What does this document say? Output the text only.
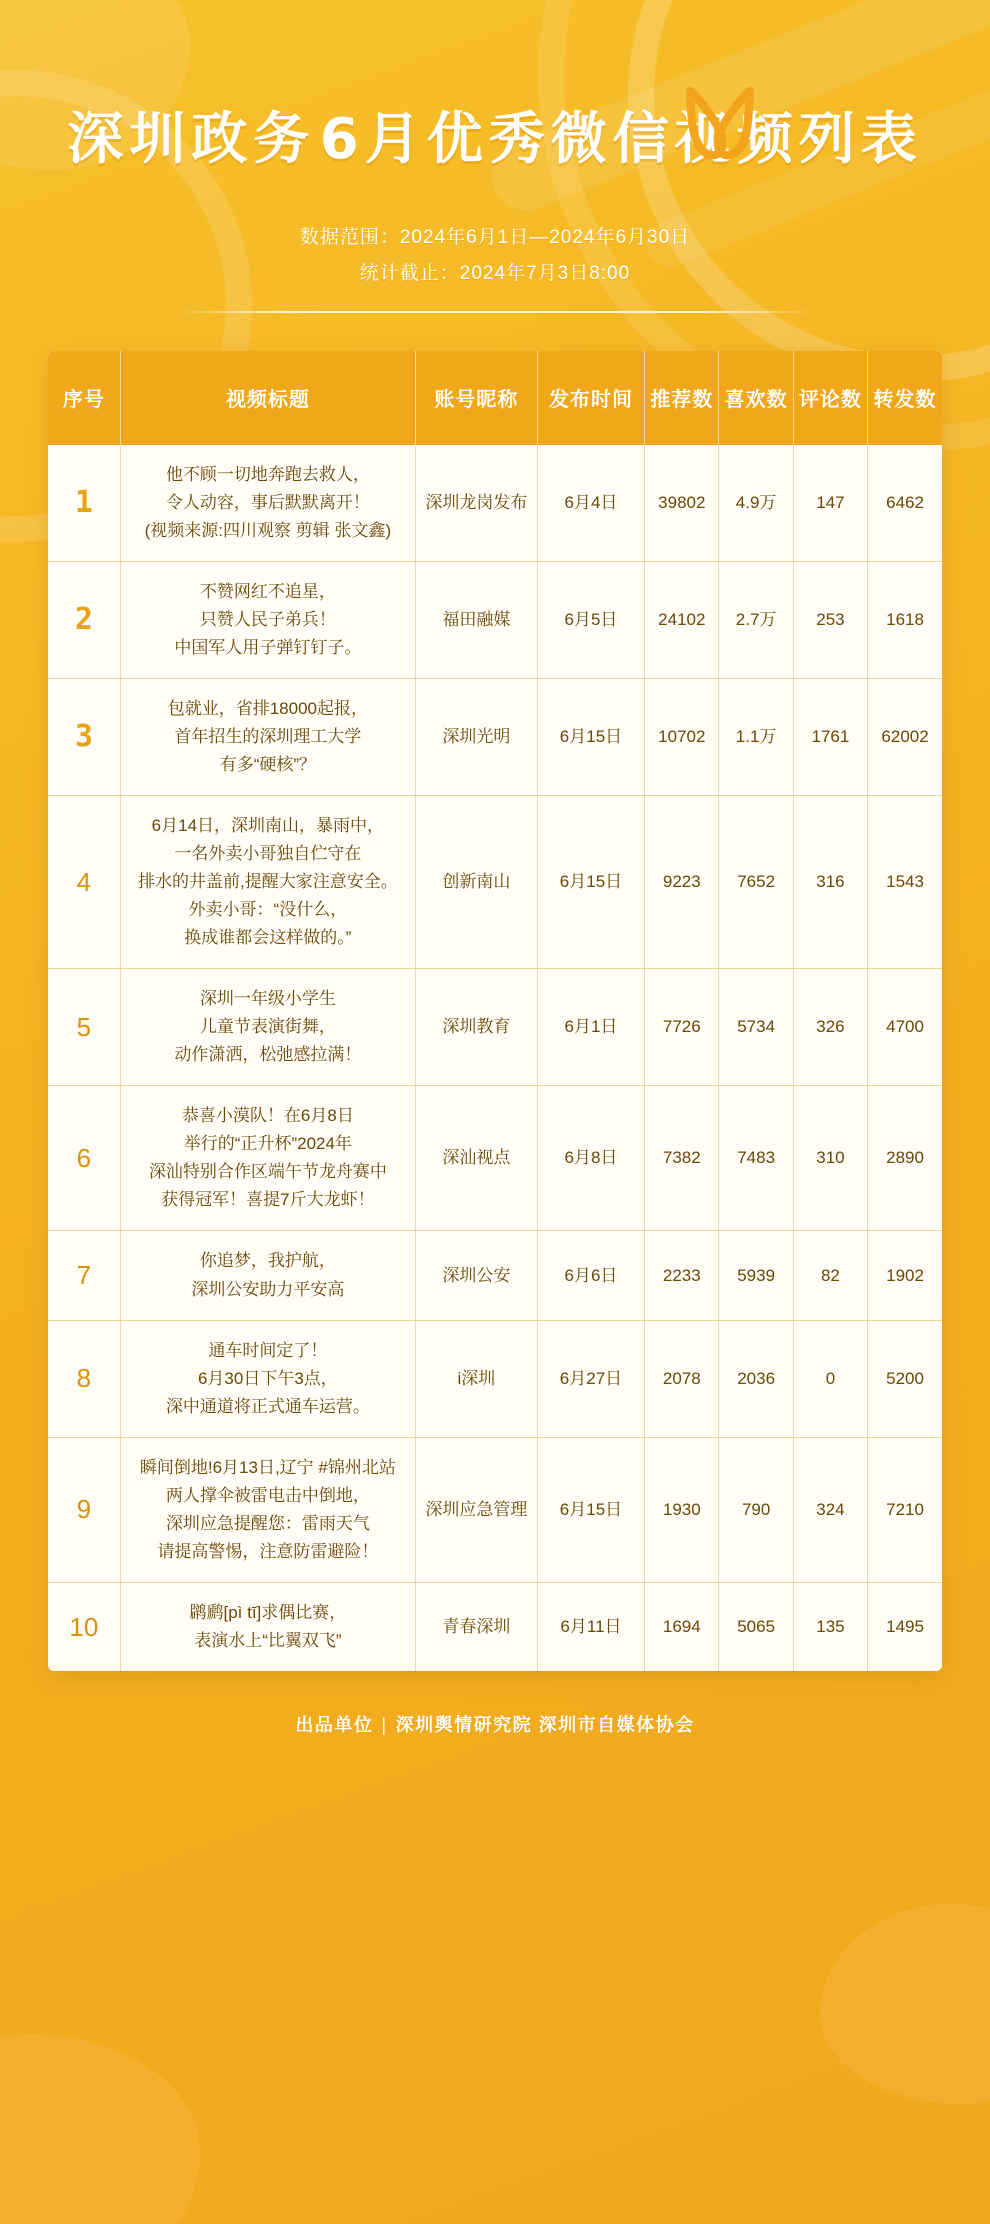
深圳政务 6月优秀微信视频列表
数据范围：2024年6月1日—2024年6月30日
统计截止：2024年7月3日8:00
序号	视频标题	账号昵称	发布时间	推荐数	喜欢数	评论数	转发数
1	他不顾一切地奔跑去救人，
令人动容，事后默默离开！
(视频来源:四川观察 剪辑 张文鑫)	深圳龙岗发布	6月4日	39802	4.9万	147	6462
2	不赞网红不追星，
只赞人民子弟兵！
中国军人用子弹钉钉子。	福田融媒	6月5日	24102	2.7万	253	1618
3	包就业，省排18000起报，
首年招生的深圳理工大学
有多“硬核”？	深圳光明	6月15日	10702	1.1万	1761	62002
4	6月14日，深圳南山，暴雨中，
一名外卖小哥独自伫守在
排水的井盖前,提醒大家注意安全。
外卖小哥：“没什么，
换成谁都会这样做的。”	创新南山	6月15日	9223	7652	316	1543
5	深圳一年级小学生
儿童节表演街舞，
动作潇洒，松弛感拉满！	深圳教育	6月1日	7726	5734	326	4700
6	恭喜小漠队！在6月8日
举行的“正升杯”2024年
深汕特别合作区端午节龙舟赛中
获得冠军！喜提7斤大龙虾！	深汕视点	6月8日	7382	7483	310	2890
7	你追梦，我护航，
深圳公安助力平安高	深圳公安	6月6日	2233	5939	82	1902
8	通车时间定了！
6月30日下午3点，
深中通道将正式通车运营。	i深圳	6月27日	2078	2036	0	5200
9	瞬间倒地!6月13日,辽宁 #锦州北站
两人撑伞被雷电击中倒地，
深圳应急提醒您：雷雨天气
请提高警惕，注意防雷避险！	深圳应急管理	6月15日	1930	790	324	7210
10	䴙䴘[pì tī]求偶比赛，
表演水上“比翼双飞”	青春深圳	6月11日	1694	5065	135	1495
出品单位 | 深圳舆情研究院 深圳市自媒体协会
